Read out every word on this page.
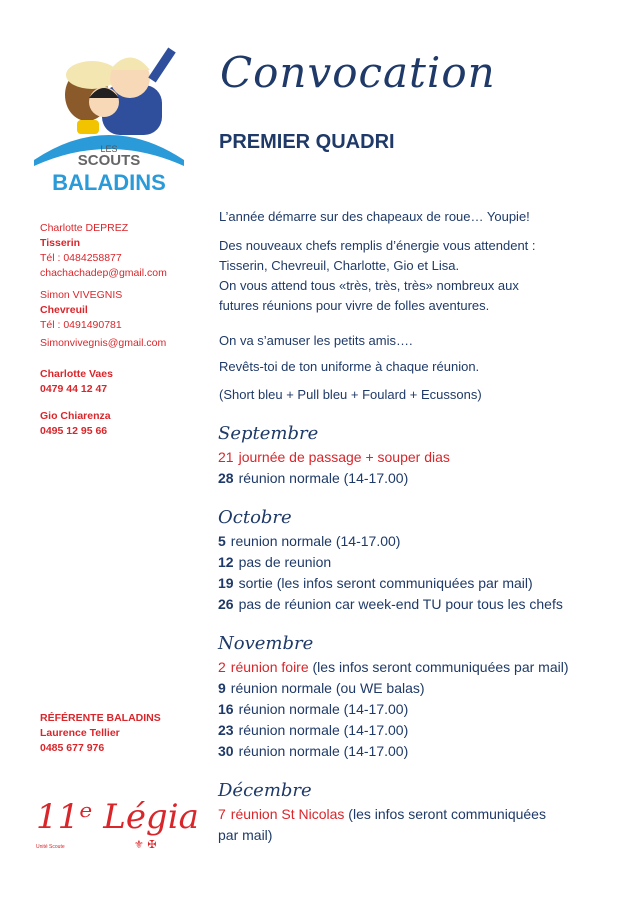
LES
SCOUTS
BALADINS
Charlotte DEPREZ
Tisserin
Tél : 0484258877
chachachadep@gmail.com
Simon VIVEGNIS
Chevreuil
Tél : 0491490781
Simonvivegnis@gmail.com
Charlotte Vaes
0479 44 12 47
Gio Chiarenza
0495 12 95 66
RÉFÉRENTE BALADINS
Laurence Tellier
0485 677 976
11ᵉ Légia
Unité Scoute	⚜ ✠
Convocation
PREMIER QUADRI
L’année démarre sur des chapeaux de roue… Youpie!
Des nouveaux chefs remplis d’énergie vous attendent :
Tisserin, Chevreuil, Charlotte, Gio et Lisa.
On vous attend tous «très, très, très» nombreux aux
futures réunions pour vivre de folles aventures.
On va s’amuser les petits amis….
Revêts-toi de ton uniforme à chaque réunion.
(Short bleu + Pull bleu + Foulard + Ecussons)
Septembre
21 journée de passage + souper dias
28 réunion normale (14-17.00)
Octobre
5 reunion normale (14-17.00)
12 pas de reunion
19 sortie (les infos seront communiquées par mail)
26 pas de réunion car week-end TU pour tous les chefs
Novembre
2 réunion foire (les infos seront communiquées par mail)
9 réunion normale (ou WE balas)
16 réunion normale (14-17.00)
23 réunion normale (14-17.00)
30 réunion normale (14-17.00)
Décembre
7 réunion St Nicolas (les infos seront communiquées
par mail)
